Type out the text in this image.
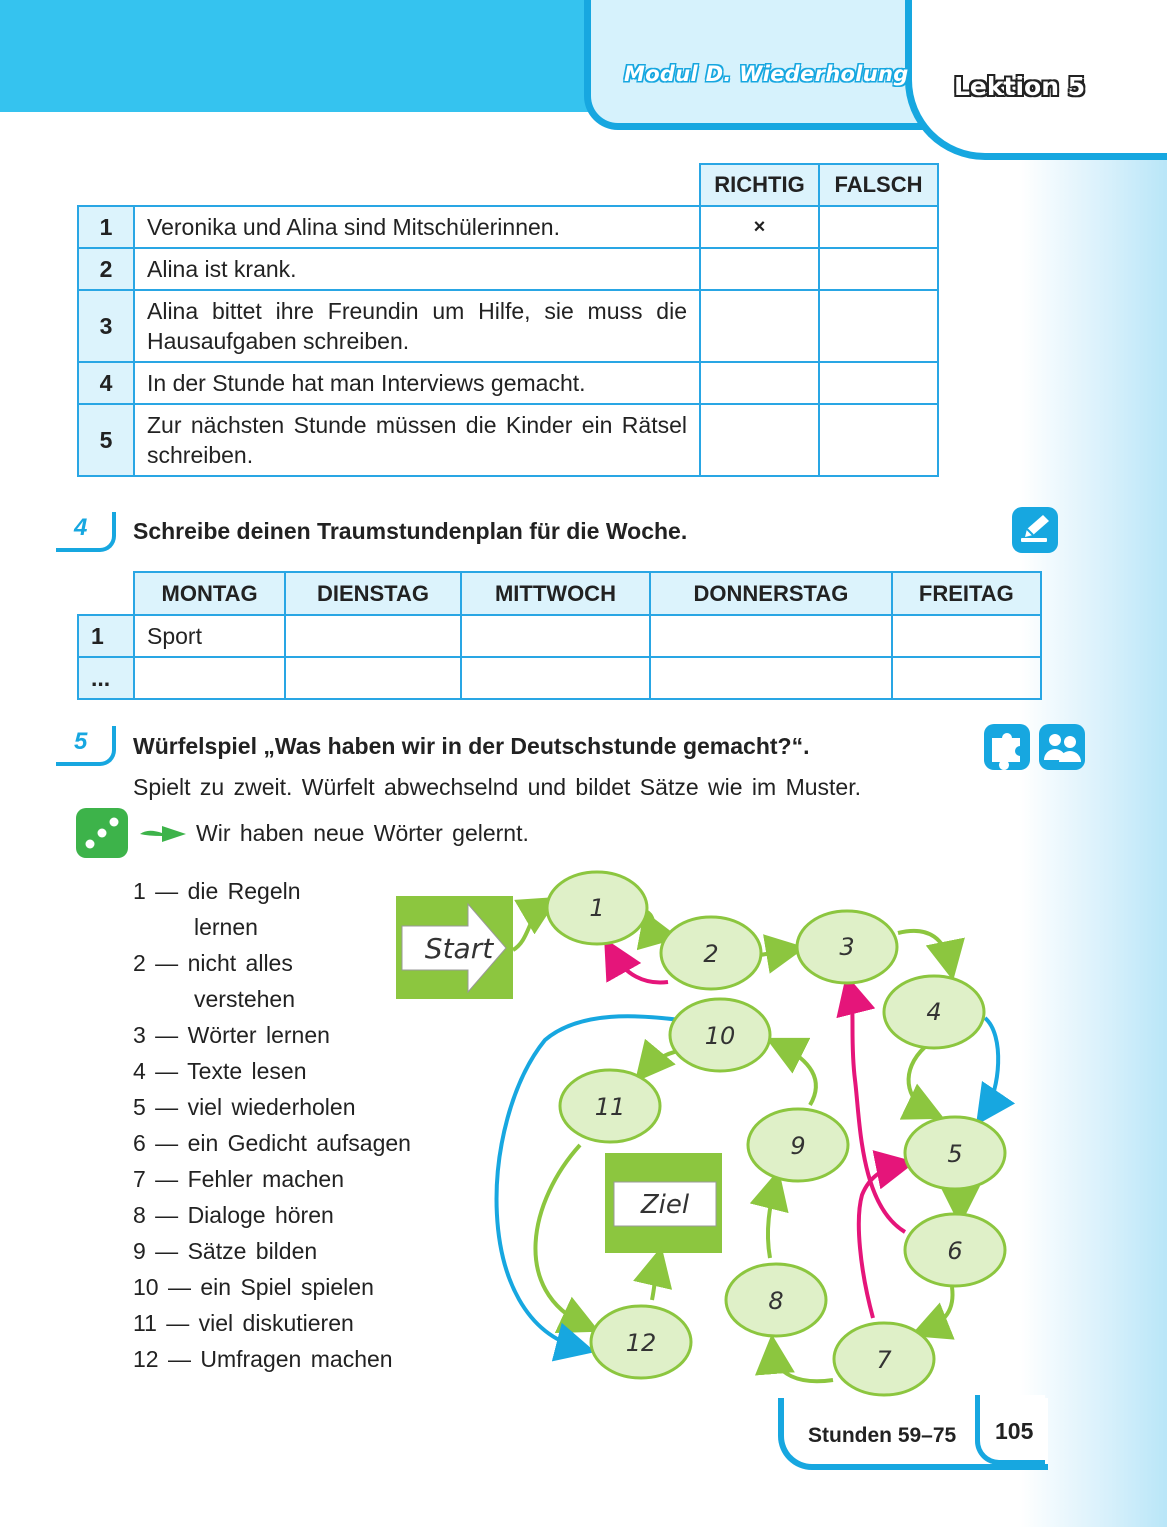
Modul D. Wiederholung Lektion 5
		RICHTIG	FALSCH
1	Veronika und Alina sind Mitschülerinnen.	×	
2	Alina ist krank.		
3	Alina bittet ihre Freundin um Hilfe, sie muss die Hausaufgaben schreiben.		
4	In der Stunde hat man Interviews gemacht.		
5	Zur nächsten Stunde müssen die Kinder ein Rätsel schreiben.		
4 Schreibe deinen Traumstundenplan für die Woche.
	MONTAG	DIENSTAG	MITTWOCH	DONNERSTAG	FREITAG
1	Sport				
...					
5 Würfelspiel „Was haben wir in der Deutschstunde gemacht?“.
Spielt zu zweit. Würfelt abwechselnd und bildet Sätze wie im Muster.
Wir haben neue Wörter gelernt.
1 — die Regeln
lernen
2 — nicht alles
verstehen
3 — Wörter lernen
4 — Texte lesen
5 — viel wiederholen
6 — ein Gedicht aufsagen
7 — Fehler machen
8 — Dialoge hören
9 — Sätze bilden
10 — ein Spiel spielen
11 — viel diskutieren
12 — Umfragen machen
Start
Ziel
1
2	3
4
5
6
7
8
9
10
11
12
Stunden 59–75 105
